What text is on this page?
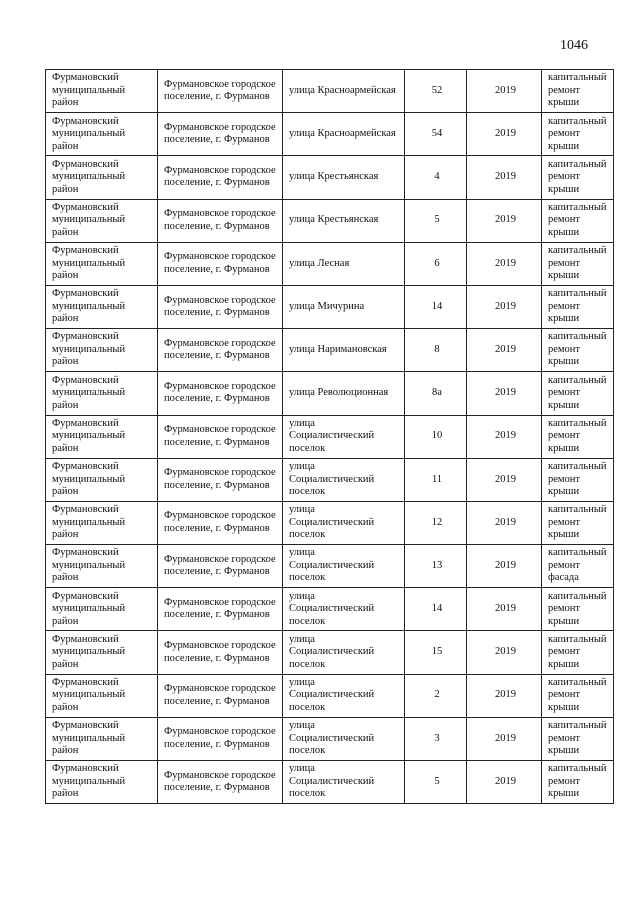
1046
Фурмановский муниципальный район	Фурмановское городское поселение, г. Фурманов	улица Красноармейская	52	2019	капитальный ремонт крыши
Фурмановский муниципальный район	Фурмановское городское поселение, г. Фурманов	улица Красноармейская	54	2019	капитальный ремонт крыши
Фурмановский муниципальный район	Фурмановское городское поселение, г. Фурманов	улица Крестьянская	4	2019	капитальный ремонт крыши
Фурмановский муниципальный район	Фурмановское городское поселение, г. Фурманов	улица Крестьянская	5	2019	капитальный ремонт крыши
Фурмановский муниципальный район	Фурмановское городское поселение, г. Фурманов	улица Лесная	6	2019	капитальный ремонт крыши
Фурмановский муниципальный район	Фурмановское городское поселение, г. Фурманов	улица Мичурина	14	2019	капитальный ремонт крыши
Фурмановский муниципальный район	Фурмановское городское поселение, г. Фурманов	улица Наримановская	8	2019	капитальный ремонт крыши
Фурмановский муниципальный район	Фурмановское городское поселение, г. Фурманов	улица Революционная	8а	2019	капитальный ремонт крыши
Фурмановский муниципальный район	Фурмановское городское поселение, г. Фурманов	улица Социалистический поселок	10	2019	капитальный ремонт крыши
Фурмановский муниципальный район	Фурмановское городское поселение, г. Фурманов	улица Социалистический поселок	11	2019	капитальный ремонт крыши
Фурмановский муниципальный район	Фурмановское городское поселение, г. Фурманов	улица Социалистический поселок	12	2019	капитальный ремонт крыши
Фурмановский муниципальный район	Фурмановское городское поселение, г. Фурманов	улица Социалистический поселок	13	2019	капитальный ремонт фасада
Фурмановский муниципальный район	Фурмановское городское поселение, г. Фурманов	улица Социалистический поселок	14	2019	капитальный ремонт крыши
Фурмановский муниципальный район	Фурмановское городское поселение, г. Фурманов	улица Социалистический поселок	15	2019	капитальный ремонт крыши
Фурмановский муниципальный район	Фурмановское городское поселение, г. Фурманов	улица Социалистический поселок	2	2019	капитальный ремонт крыши
Фурмановский муниципальный район	Фурмановское городское поселение, г. Фурманов	улица Социалистический поселок	3	2019	капитальный ремонт крыши
Фурмановский муниципальный район	Фурмановское городское поселение, г. Фурманов	улица Социалистический поселок	5	2019	капитальный ремонт крыши
